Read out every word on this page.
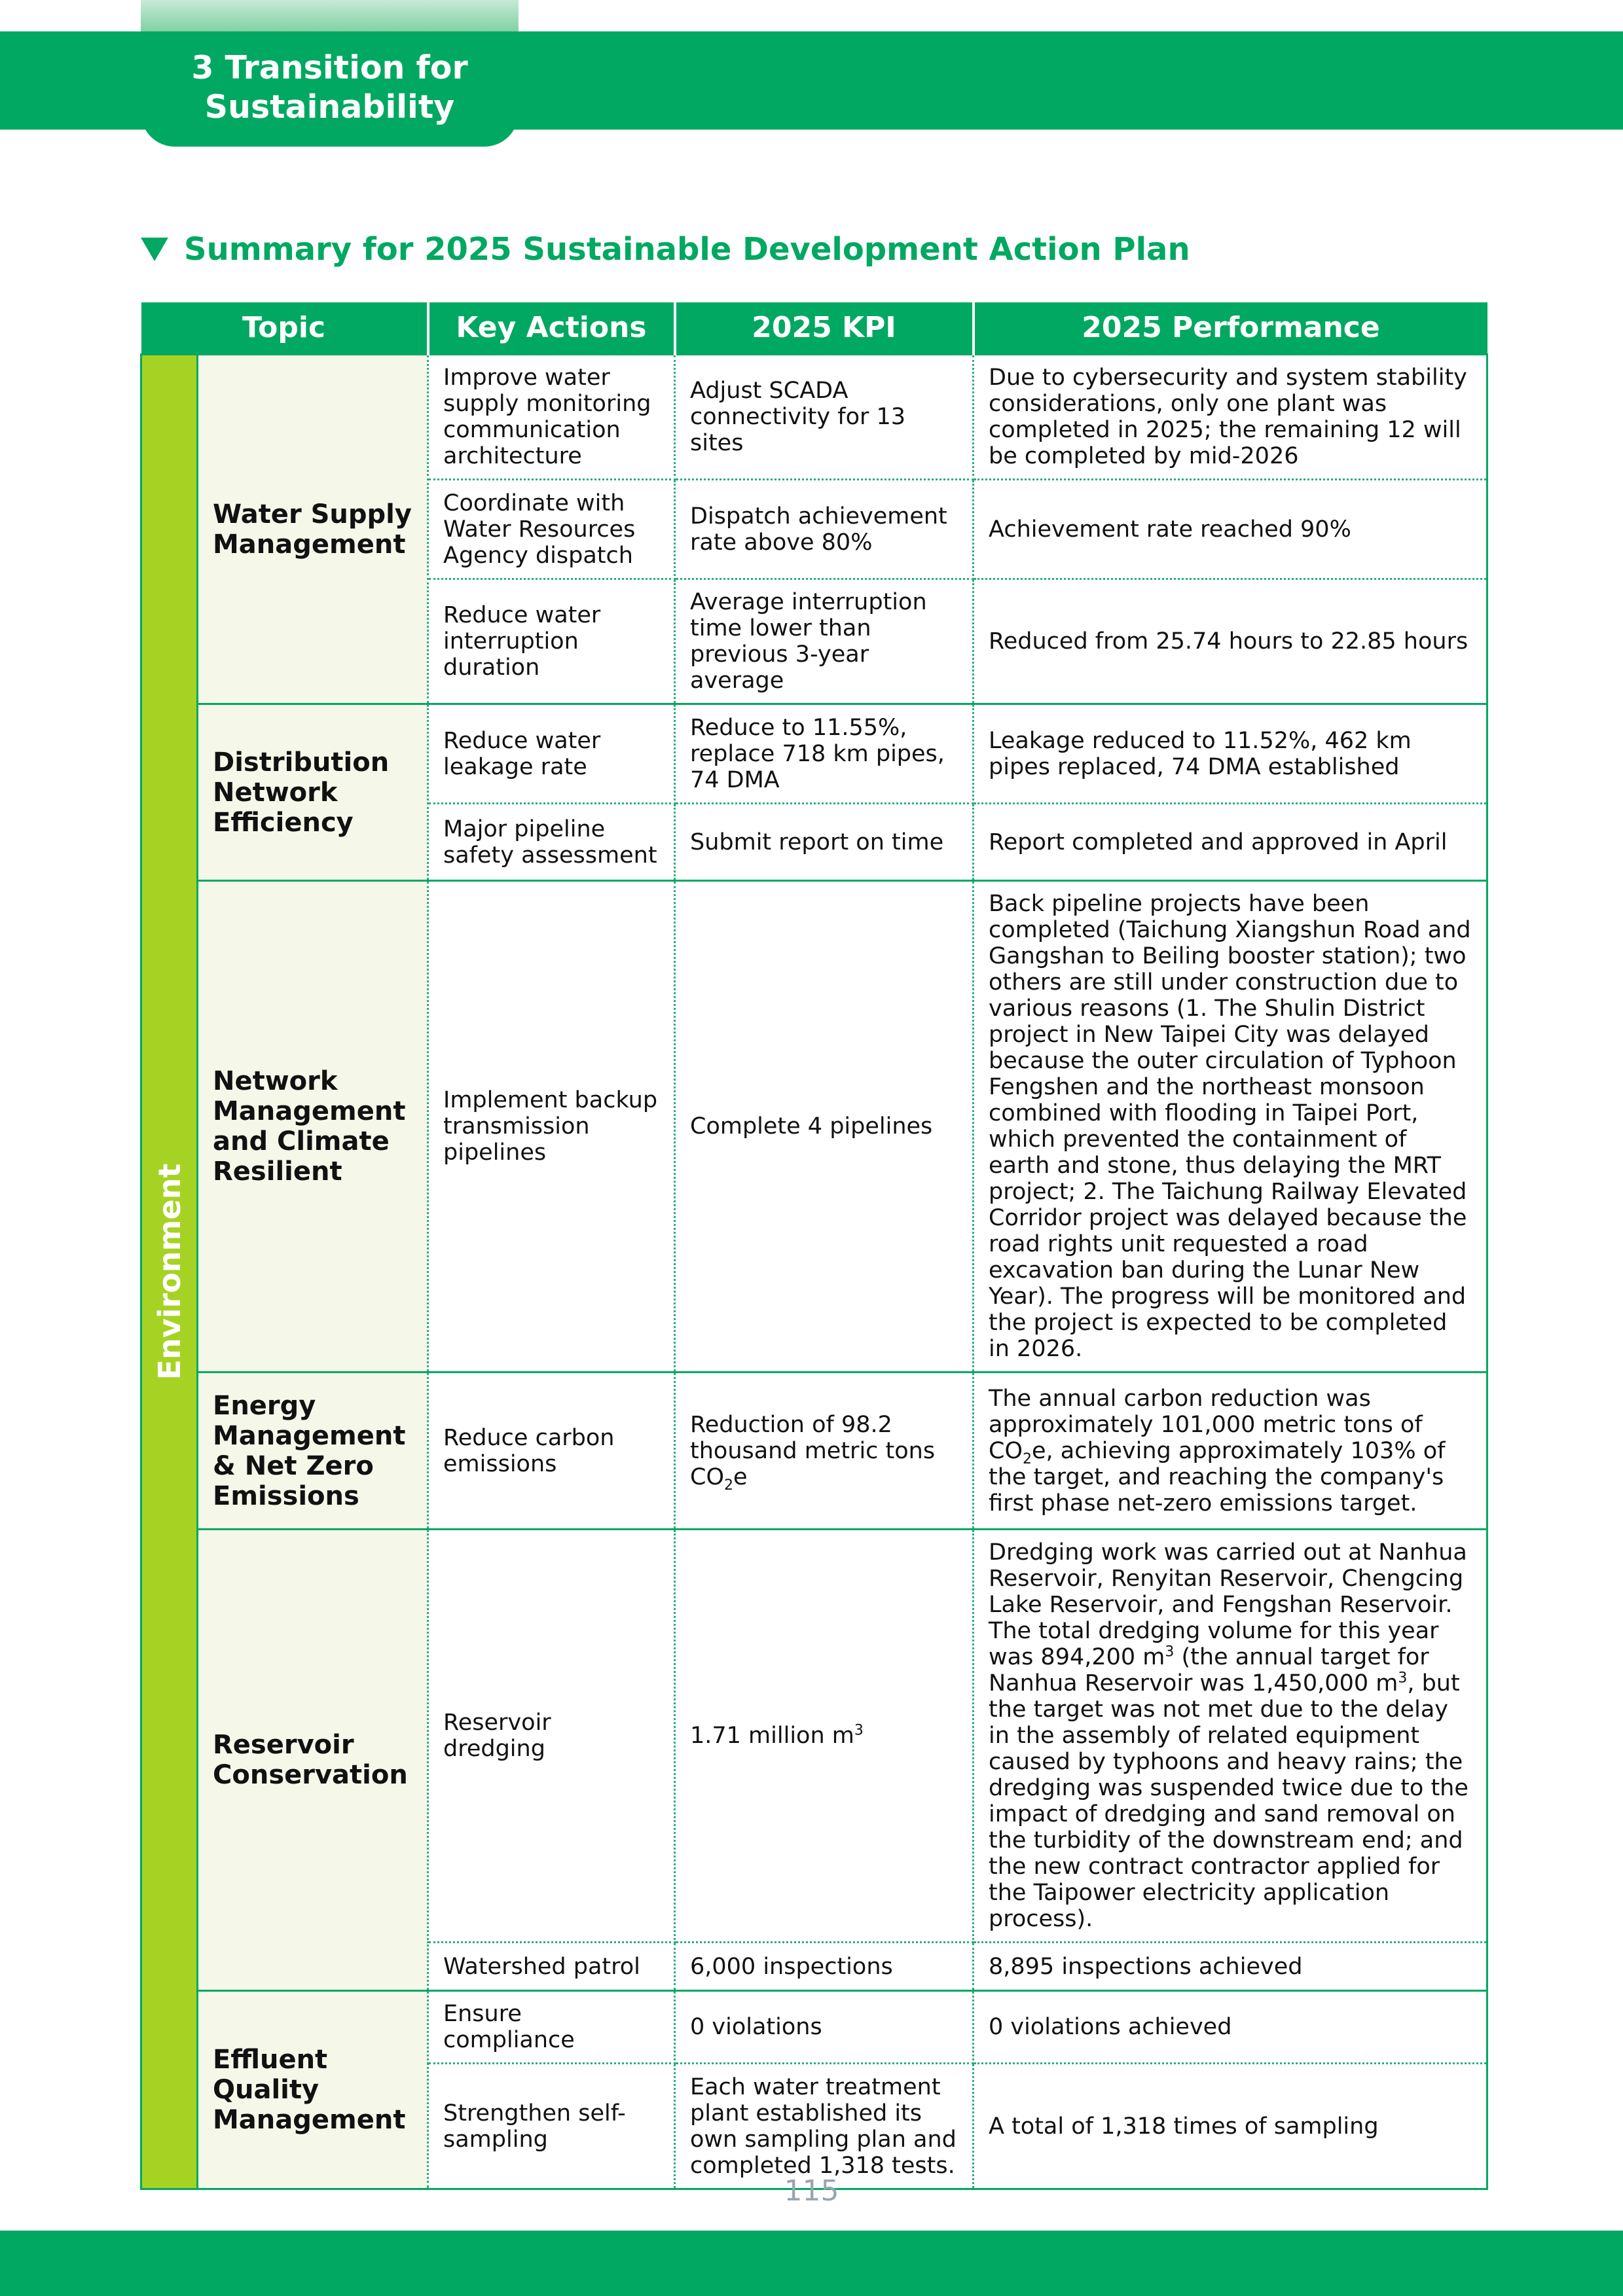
3 Transition for
Sustainability
Summary for 2025 Sustainable Development Action Plan
Topic		Key Actions	2025 KPI	2025 Performance

Environment	Water Supply Management	Improve water supply monitoring communication architecture	Adjust SCADA connectivity for 13 sites	Due to cybersecurity and system stability considerations, only one plant was completed in 2025; the remaining 12 will be completed by mid-2026
		Coordinate with Water Resources Agency dispatch	Dispatch achievement rate above 80%	Achievement rate reached 90%
		Reduce water interruption duration	Average interruption time lower than previous 3-year average	Reduced from 25.74 hours to 22.85 hours
	Distribution Network Efficiency	Reduce water leakage rate	Reduce to 11.55%, replace 718 km pipes, 74 DMA	Leakage reduced to 11.52%, 462 km pipes replaced, 74 DMA established
		Major pipeline safety assessment	Submit report on time	Report completed and approved in April
	Network Management and Climate Resilient	Implement backup transmission pipelines	Complete 4 pipelines	Back pipeline projects have been completed (Taichung Xiangshun Road and Gangshan to Beiling booster station); two others are still under construction due to various reasons (1. The Shulin District project in New Taipei City was delayed because the outer circulation of Typhoon Fengshen and the northeast monsoon combined with flooding in Taipei Port, which prevented the containment of earth and stone, thus delaying the MRT project; 2. The Taichung Railway Elevated Corridor project was delayed because the road rights unit requested a road excavation ban during the Lunar New Year). The progress will be monitored and the project is expected to be completed in 2026.
	Energy Management & Net Zero Emissions	Reduce carbon emissions	Reduction of 98.2 thousand metric tons $CO_2e$	The annual carbon reduction was approximately 101,000 metric tons of $CO_2e$, achieving approximately 103% of the target, and reaching the company's first phase net-zero emissions target.
	Reservoir Conservation	Reservoir dredging	1.71 million $m^3$	Dredging work was carried out at Nanhua Reservoir, Renyitan Reservoir, Chengcing Lake Reservoir, and Fengshan Reservoir. The total dredging volume for this year was 894,200 $m^3$ (the annual target for Nanhua Reservoir was 1,450,000 $m^3$, but the target was not met due to the delay in the assembly of related equipment caused by typhoons and heavy rains; the dredging was suspended twice due to the impact of dredging and sand removal on the turbidity of the downstream end; and the new contract contractor applied for the Taipower electricity application process).
		Watershed patrol	6,000 inspections	8,895 inspections achieved
	Effluent Quality Management	Ensure compliance	0 violations	0 violations achieved
		Strengthen self-sampling	Each water treatment plant established its own sampling plan and completed 1,318 tests.	A total of 1,318 times of sampling
115
